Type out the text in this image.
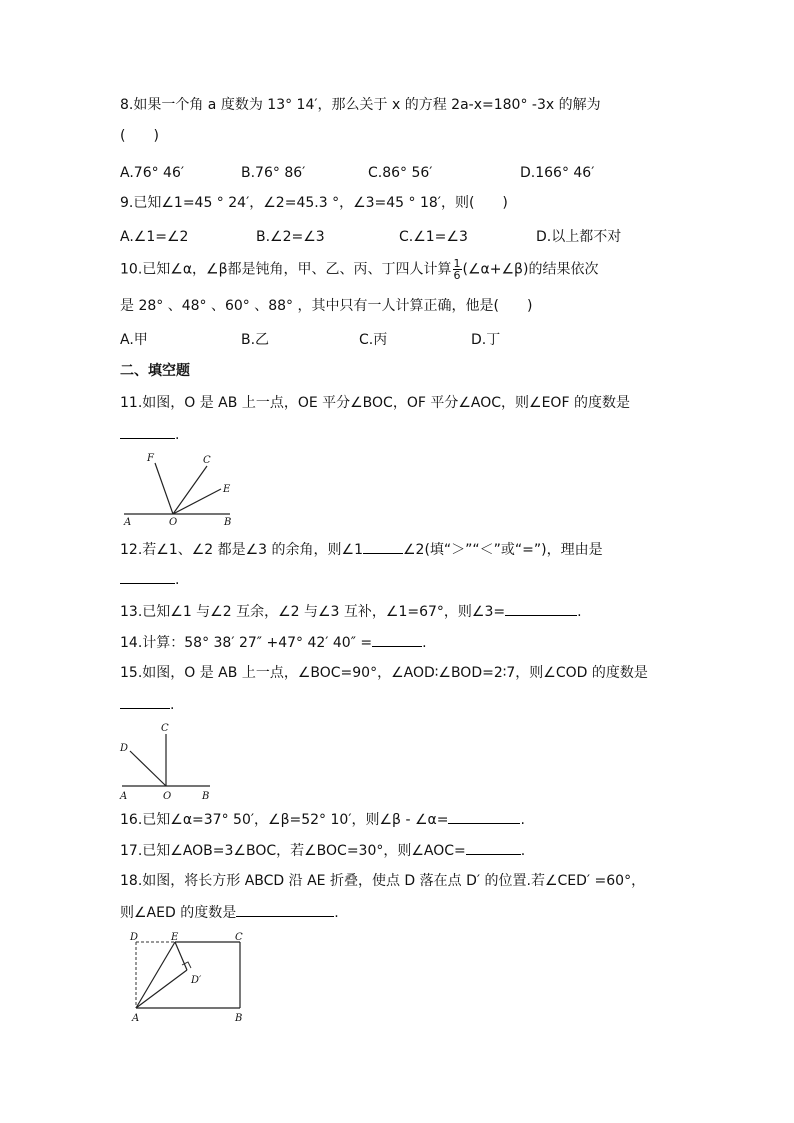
8.如果一个角 a 度数为 13° 14′，那么关于 x 的方程 2a-x=180° -3x 的解为
(　　)
A.76° 46′	B.76° 86′	C.86° 56′	D.166° 46′
9.已知∠1=45 ° 24′，∠2=45.3 °，∠3=45 ° 18′，则(　　)
A.∠1=∠2	B.∠2=∠3	C.∠1=∠3	D.以上都不对
10.已知∠α，∠β都是钝角，甲、乙、丙、丁四人计算 $\frac{1}{6}$ (∠α+∠β)的结果依次
是 28° 、48° 、60° 、88° ，其中只有一人计算正确，他是(　　)
A.甲	B.乙	C.丙	D.丁
二、填空题
11.如图，O 是 AB 上一点，OE 平分∠BOC，OF 平分∠AOC，则∠EOF 的度数是
.
F	C
E
A	O	B
12.若∠1、∠2 都是∠3 的余角，则∠1	∠2(填“＞”“＜”或“=”)，理由是
.
13.已知∠1 与∠2 互余，∠2 与∠3 互补，∠1=67°，则∠3=	.
14.计算：58° 38′ 27″ +47° 42′ 40″ =	.
15.如图，O 是 AB 上一点，∠BOC=90°，∠AOD∶∠BOD=2∶7，则∠COD 的度数是
.
C
D
A	O	B
16.已知∠α=37° 50′，∠β=52° 10′，则∠β - ∠α=	.
17.已知∠AOB=3∠BOC，若∠BOC=30°，则∠AOC=	.
18.如图，将长方形 ABCD 沿 AE 折叠，使点 D 落在点 D′ 的位置.若∠CED′ =60°，
则∠AED 的度数是	.
D	E	C
D′
A	B
